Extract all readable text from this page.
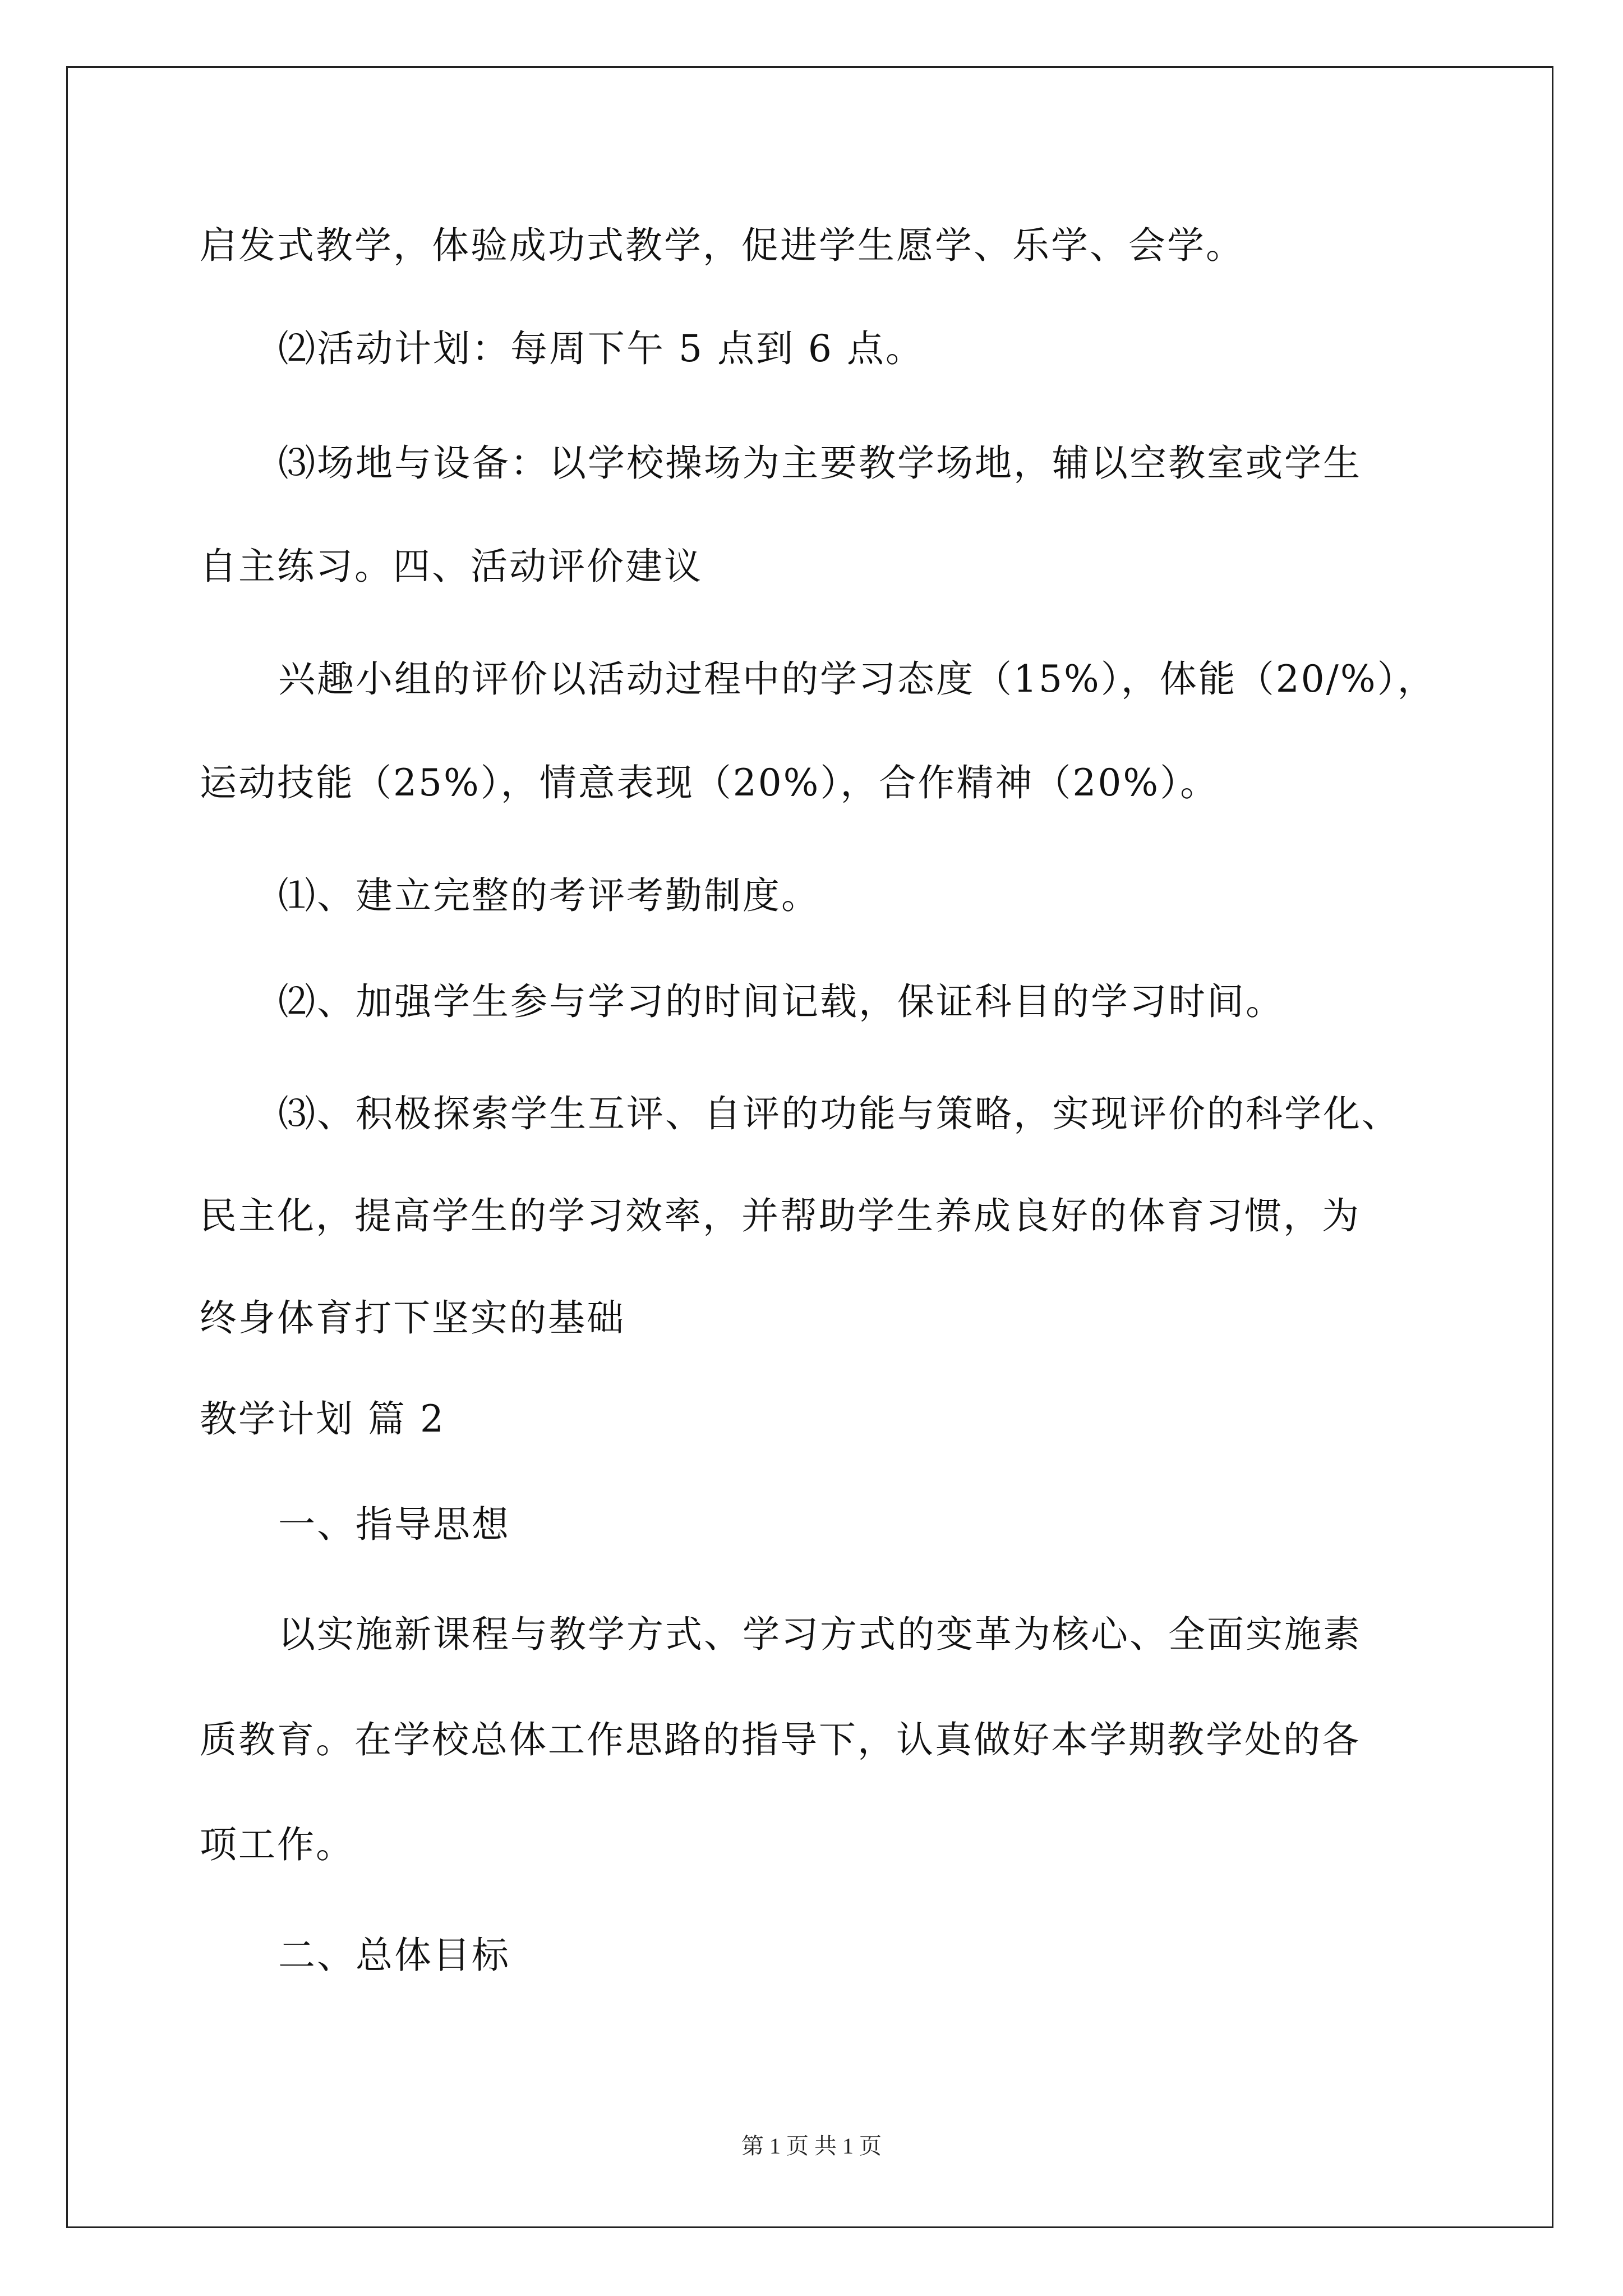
启发式教学，体验成功式教学，促进学生愿学、乐学、会学。
⑵活动计划：每周下午 5 点到 6 点。
⑶场地与设备：以学校操场为主要教学场地，辅以空教室或学生
自主练习。四、活动评价建议
兴趣小组的评价以活动过程中的学习态度（15%），体能（20/%），
运动技能（25%），情意表现（20%），合作精神（20%）。
⑴、建立完整的考评考勤制度。
⑵、加强学生参与学习的时间记载，保证科目的学习时间。
⑶、积极探索学生互评、自评的功能与策略，实现评价的科学化、
民主化，提高学生的学习效率，并帮助学生养成良好的体育习惯，为
终身体育打下坚实的基础
教学计划 篇 2
一、指导思想
以实施新课程与教学方式、学习方式的变革为核心、全面实施素
质教育。在学校总体工作思路的指导下，认真做好本学期教学处的各
项工作。
二、总体目标
第 1 页 共 1 页
